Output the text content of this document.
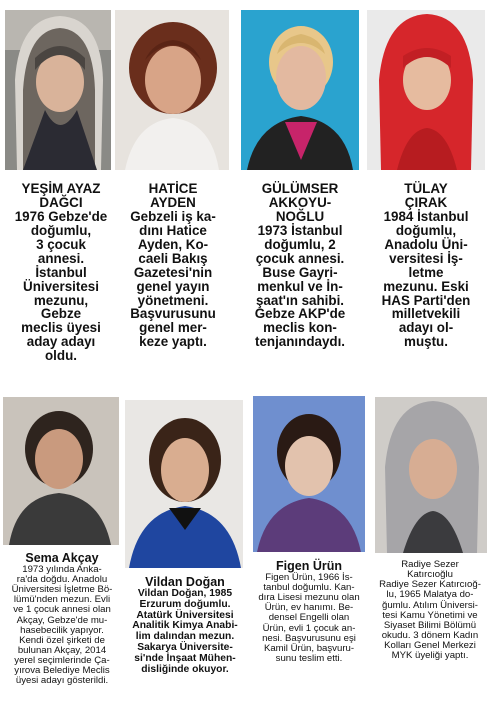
YEŞİM AYAZ
DAĞCI
1976 Gebze'de
doğumlu,
3 çocuk
annesi.
İstanbul
Üniversitesi
mezunu,
Gebze
meclis üyesi
aday adayı
oldu.
HATİCE
AYDEN
Gebzeli iş ka-
dını Hatice
Ayden, Ko-
caeli Bakış
Gazetesi'nin
genel yayın
yönetmeni.
Başvurusunu
genel mer-
keze yaptı.
GÜLÜMSER
AKKOYU-
NOĞLU
1973 İstanbul
doğumlu, 2
çocuk annesi.
Buse Gayri-
menkul ve İn-
şaat'ın sahibi.
Gebze AKP'de
meclis kon-
tenjanındaydı.
TÜLAY
ÇIRAK
1984 İstanbul
doğumlu,
Anadolu Üni-
versitesi İş-
letme
mezunu. Eski
HAS Parti'den
milletvekili
adayı ol-
muştu.
Sema Akçay
1973 yılında Anka-
ra'da doğdu. Anadolu
Üniversitesi İşletme Bö-
lümü'nden mezun. Evli
ve 1 çocuk annesi olan
Akçay, Gebze'de mu-
hasebecilik yapıyor.
Kendi özel şirketi de
bulunan Akçay, 2014
yerel seçimlerinde Ça-
yırova Belediye Meclis
üyesi adayı gösterildi.
Vildan Doğan
Vildan Doğan, 1985
Erzurum doğumlu.
Atatürk Üniversitesi
Analitik Kimya Anabi-
lim dalından mezun.
Sakarya Üniversite-
si'nde İnşaat Mühen-
disliğinde okuyor.
Figen Ürün
Figen Ürün, 1966 İs-
tanbul doğumlu. Kan-
dıra Lisesi mezunu olan
Ürün, ev hanımı. Be-
densel Engelli olan
Ürün, evli 1 çocuk an-
nesi. Başvurusunu eşi
Kamil Ürün, başvuru-
sunu teslim etti.
Radiye Sezer
Katırcıoğlu
Radiye Sezer Katırcıoğ-
lu, 1965 Malatya do-
ğumlu. Atılım Üniversi-
tesi Kamu Yönetimi ve
Siyaset Bilimi Bölümü
okudu. 3 dönem Kadın
Kolları Genel Merkezi
MYK üyeliği yaptı.
